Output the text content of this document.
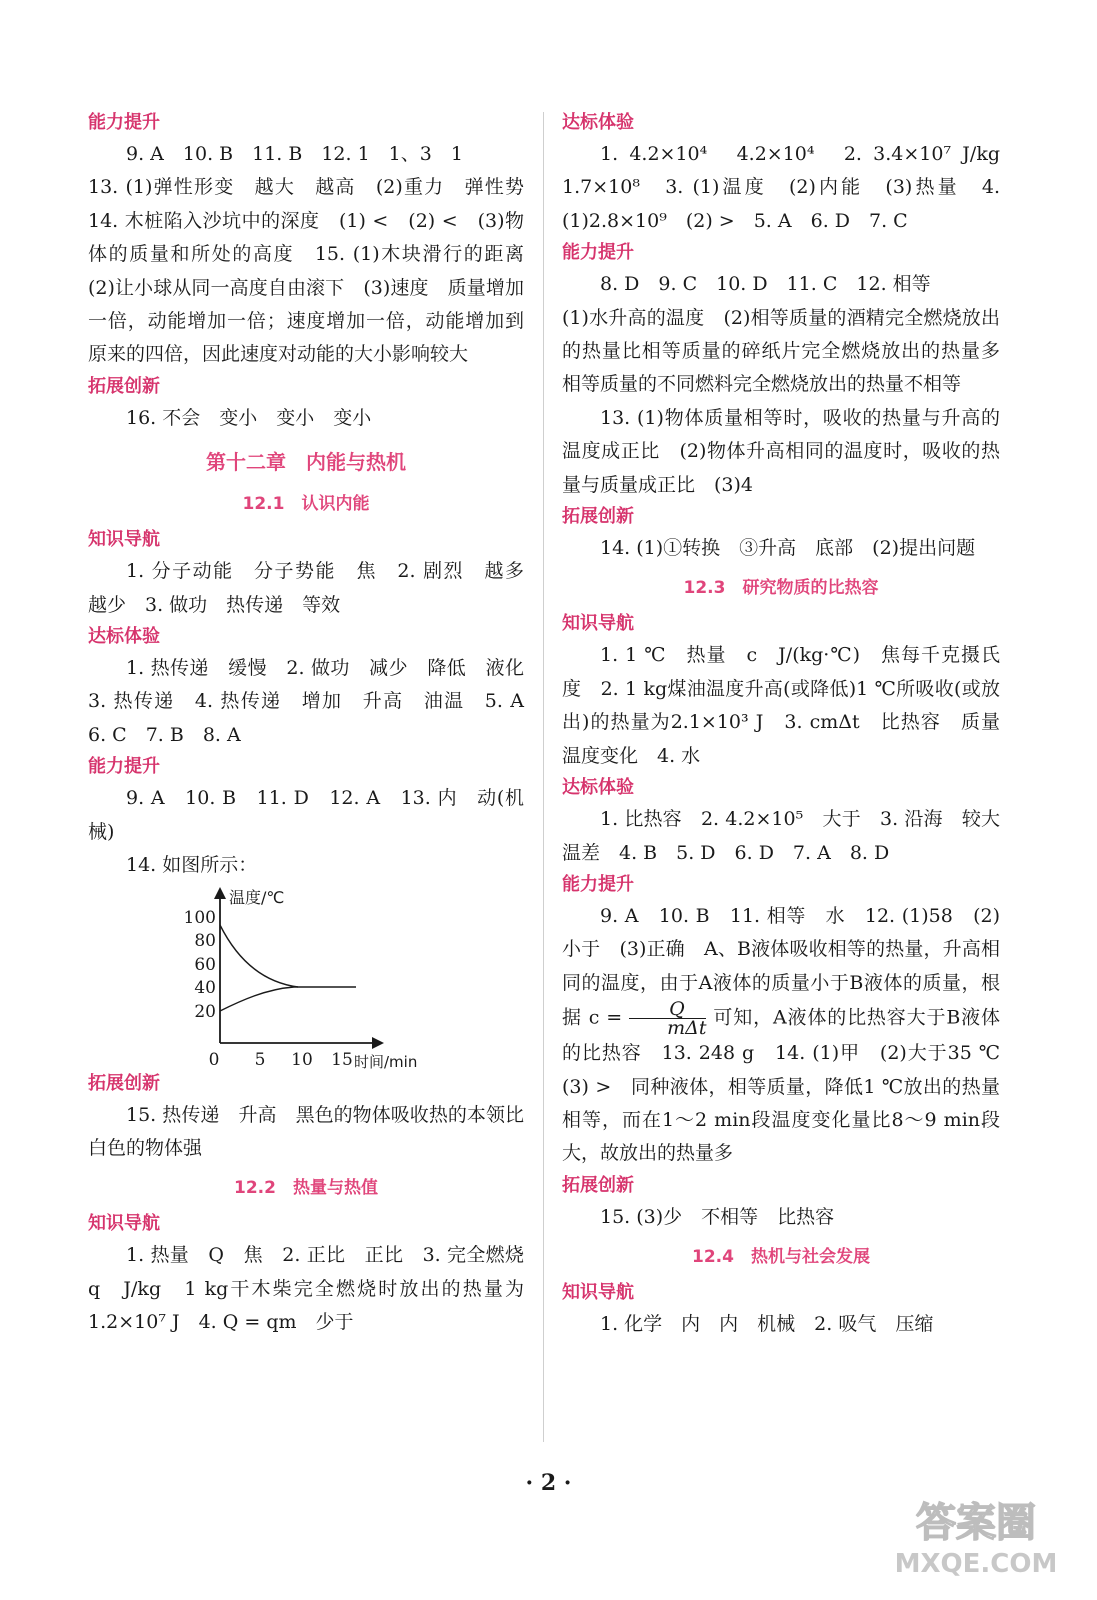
能力提升

9. A　10. B　11. B　12. 1　1、3　1

13. (1)弹性形变　越大　越高　(2)重力　弹性势　14. 木桩陷入沙坑中的深度　(1) <　(2) <　(3)物体的质量和所处的高度　15. (1)木块滑行的距离　(2)让小球从同一高度自由滚下　(3)速度　质量增加一倍，动能增加一倍；速度增加一倍，动能增加到原来的四倍，因此速度对动能的大小影响较大

拓展创新

16. 不会　变小　变小　变小

第十二章　内能与热机
12.1　认识内能
知识导航

1. 分子动能　分子势能　焦　2. 剧烈　越多　越少　3. 做功　热传递　等效

达标体验

1. 热传递　缓慢　2. 做功　减少　降低　液化　3. 热传递　4. 热传递　增加　升高　油温　5. A　6. C　7. B　8. A

能力提升

9. A　10. B　11. D　12. A　13. 内　动(机械)

14. 如图所示：

100
80
60
40
20
0 5 10 15
温度/℃
时间/min
拓展创新

15. 热传递　升高　黑色的物体吸收热的本领比白色的物体强

12.2　热量与热值
知识导航

1. 热量　Q　焦　2. 正比　正比　3. 完全燃烧　q　J/kg　1 kg干木柴完全燃烧时放出的热量为1.2×10⁷ J　4. Q = qm　少于

达标体验

1. 4.2×10⁴　4.2×10⁴　2. 3.4×10⁷ J/kg　1.7×10⁸　3. (1)温度　(2)内能　(3)热量　4. (1)2.8×10⁹　(2) >　5. A　6. D　7. C

能力提升

8. D　9. C　10. D　11. C　12. 相等

(1)水升高的温度　(2)相等质量的酒精完全燃烧放出的热量比相等质量的碎纸片完全燃烧放出的热量多　相等质量的不同燃料完全燃烧放出的热量不相等

13. (1)物体质量相等时，吸收的热量与升高的温度成正比　(2)物体升高相同的温度时，吸收的热量与质量成正比　(3)4

拓展创新

14. (1)①转换　③升高　底部　(2)提出问题

12.3　研究物质的比热容
知识导航

1. 1 ℃　热量　c　J/(kg·℃)　焦每千克摄氏度　2. 1 kg煤油温度升高(或降低)1 ℃所吸收(或放出)的热量为2.1×10³ J　3. cmΔt　比热容　质量　温度变化　4. 水

达标体验

1. 比热容　2. 4.2×10⁵　大于　3. 沿海　较大　温差　4. B　5. D　6. D　7. A　8. D

能力提升

9. A　10. B　11. 相等　水　12. (1)58　(2)小于　(3)正确　A、B液体吸收相等的热量，升高相同的温度，由于A液体的质量小于B液体的质量，根据 $c = \frac{Q}{\text{mΔt}}$ 可知，A液体的比热容大于B液体的比热容　13. 248 g　14. (1)甲　(2)大于35 ℃　(3) >　同种液体，相等质量，降低1 ℃放出的热量相等，而在1～2 min段温度变化量比8～9 min段大，故放出的热量多

拓展创新

15. (3)少　不相等　比热容

12.4　热机与社会发展
知识导航

1. 化学　内　内　机械　2. 吸气　压缩

· 2 ·
答案圈
MXQE.COM
